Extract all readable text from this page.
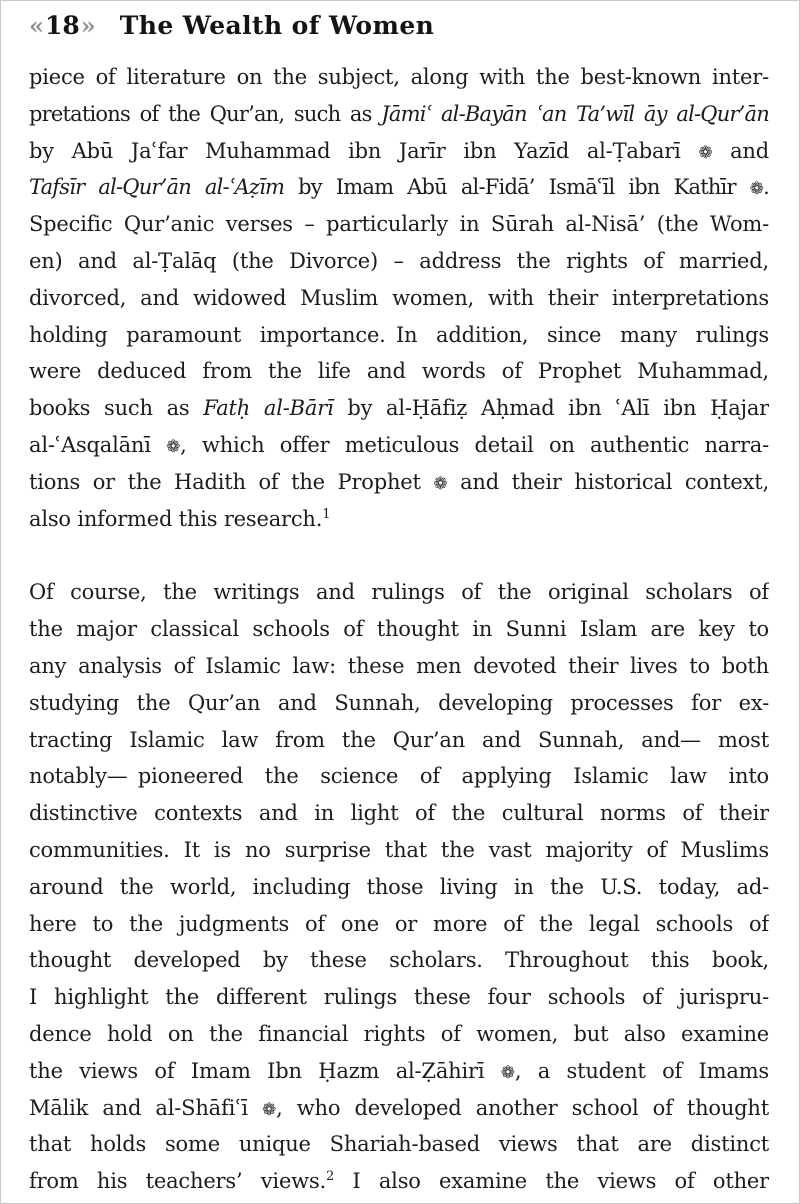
« 18 » The Wealth of Women
piece of literature on the subject, along with the best-known inter-
pretations of the Qur’an, such as Jāmiʿ al-Bayān ʿan Ta’wīl āy al-Qur’ān
by Abū Jaʿfar Muhammad ibn Jarīr ibn Yazīd al-Ṭabarī ❁ and
Tafsīr al-Qur’ān al-ʿAẓīm by Imam Abū al-Fidā’ Ismāʿīl ibn Kathīr ❁.
Specific Qur’anic verses – particularly in Sūrah al-Nisā’ (the Wom-
en) and al-Ṭalāq (the Divorce) – address the rights of married,
divorced, and widowed Muslim women, with their interpretations
holding paramount importance. In addition, since many rulings
were deduced from the life and words of Prophet Muhammad,
books such as Fatḥ al-Bārī by al-Ḥāfiẓ Aḥmad ibn ʿAlī ibn Ḥajar
al-ʿAsqalānī ❁, which offer meticulous detail on authentic narra-
tions or the Hadith of the Prophet ❁ and their historical context,
also informed this research.$^1$
Of course, the writings and rulings of the original scholars of
the major classical schools of thought in Sunni Islam are key to
any analysis of Islamic law: these men devoted their lives to both
studying the Qur’an and Sunnah, developing processes for ex-
tracting Islamic law from the Qur’an and Sunnah, and— most
notably— pioneered the science of applying Islamic law into
distinctive contexts and in light of the cultural norms of their
communities. It is no surprise that the vast majority of Muslims
around the world, including those living in the U.S. today, ad-
here to the judgments of one or more of the legal schools of
thought developed by these scholars. Throughout this book,
I highlight the different rulings these four schools of jurispru-
dence hold on the financial rights of women, but also examine
the views of Imam Ibn Ḥazm al-Ẓāhirī ❁, a student of Imams
Mālik and al-Shāfiʿī ❁, who developed another school of thought
that holds some unique Shariah-based views that are distinct
from his teachers’ views.$^2$ I also examine the views of other
